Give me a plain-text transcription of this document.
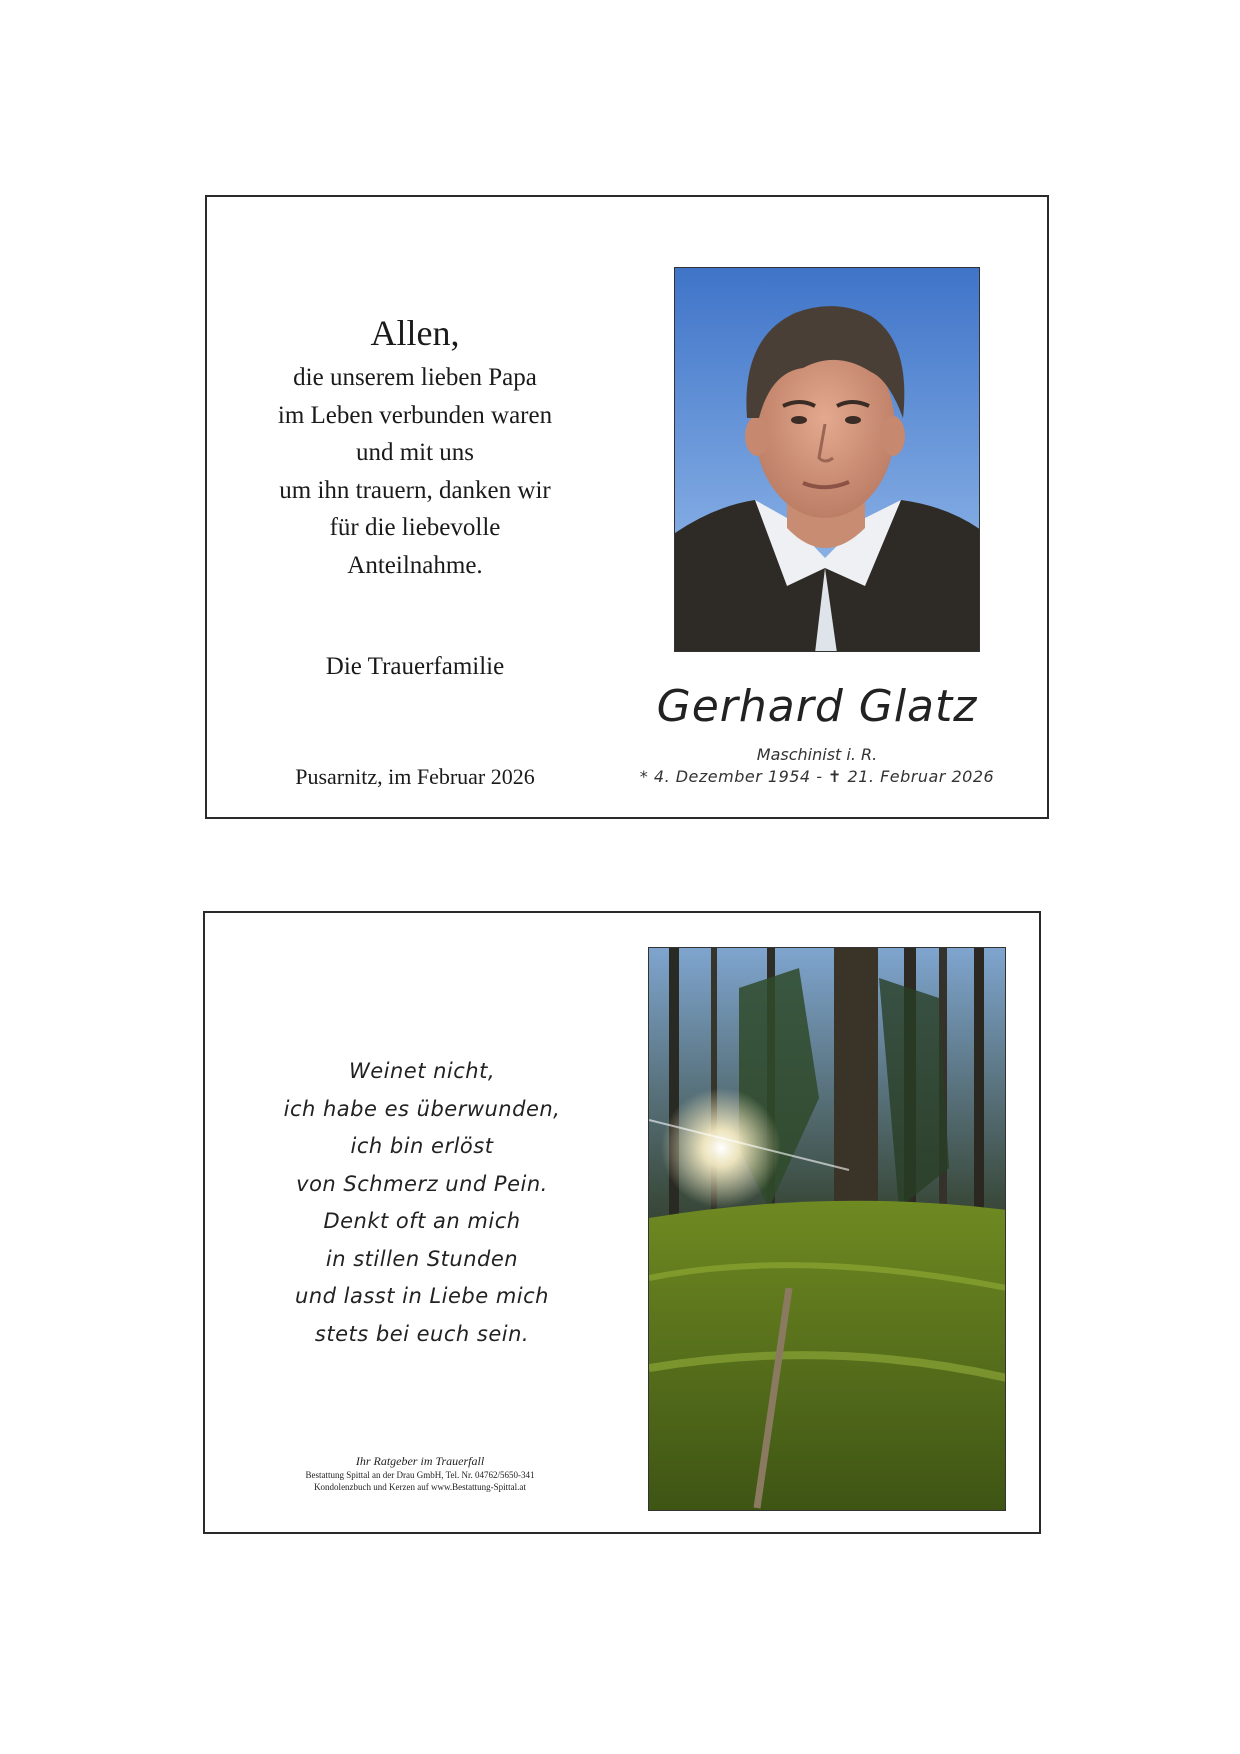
Allen,
die unserem lieben Papa
im Leben verbunden waren
und mit uns
um ihn trauern, danken wir
für die liebevolle
Anteilnahme.
Die Trauerfamilie
Pusarnitz, im Februar 2026
Gerhard Glatz
Maschinist i. R.
* 4. Dezember 1954 - ✝ 21. Februar 2026
Weinet nicht,
ich habe es überwunden,
ich bin erlöst
von Schmerz und Pein.
Denkt oft an mich
in stillen Stunden
und lasst in Liebe mich
stets bei euch sein.
Ihr Ratgeber im Trauerfall
Bestattung Spittal an der Drau GmbH, Tel. Nr. 04762/5650-341
Kondolenzbuch und Kerzen auf www.Bestattung-Spittal.at
